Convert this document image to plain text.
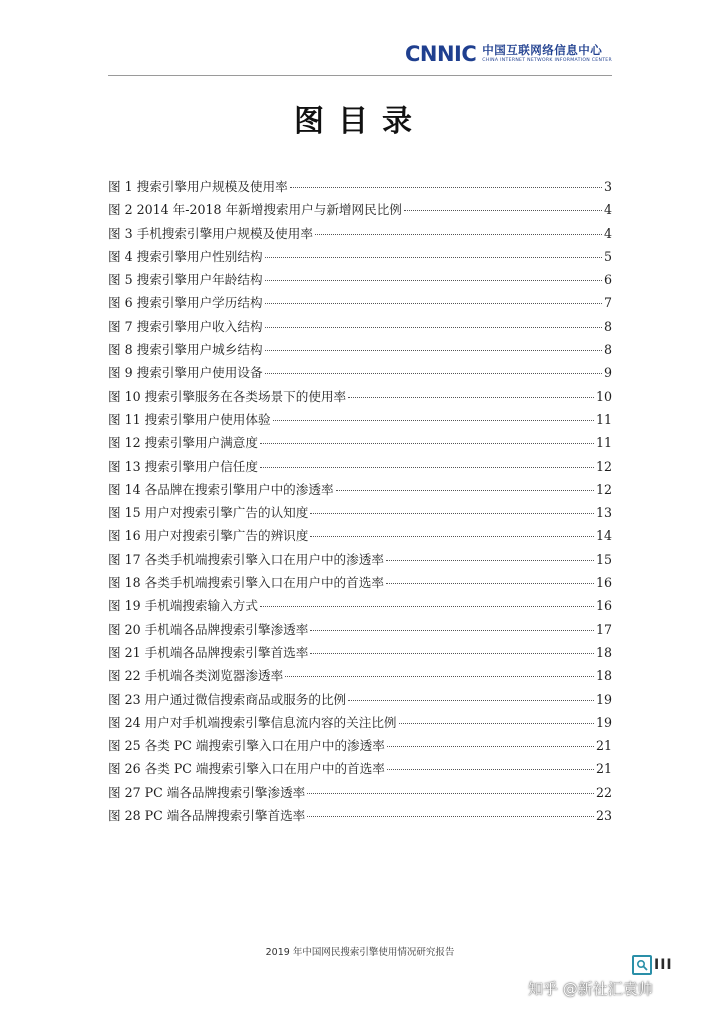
CNNIC 中国互联网络信息中心
CHINA INTERNET NETWORK INFORMATION CENTER
图目录
图 1 搜索引擎用户规模及使用率	3
图 2 2014 年-2018 年新增搜索用户与新增网民比例	4
图 3 手机搜索引擎用户规模及使用率	4
图 4 搜索引擎用户性别结构	5
图 5 搜索引擎用户年龄结构	6
图 6 搜索引擎用户学历结构	7
图 7 搜索引擎用户收入结构	8
图 8 搜索引擎用户城乡结构	8
图 9 搜索引擎用户使用设备	9
图 10 搜索引擎服务在各类场景下的使用率	10
图 11 搜索引擎用户使用体验	11
图 12 搜索引擎用户满意度	11
图 13 搜索引擎用户信任度	12
图 14 各品牌在搜索引擎用户中的渗透率	12
图 15 用户对搜索引擎广告的认知度	13
图 16 用户对搜索引擎广告的辨识度	14
图 17 各类手机端搜索引擎入口在用户中的渗透率	15
图 18 各类手机端搜索引擎入口在用户中的首选率	16
图 19 手机端搜索输入方式	16
图 20 手机端各品牌搜索引擎渗透率	17
图 21 手机端各品牌搜索引擎首选率	18
图 22 手机端各类浏览器渗透率	18
图 23 用户通过微信搜索商品或服务的比例	19
图 24 用户对手机端搜索引擎信息流内容的关注比例	19
图 25 各类 PC 端搜索引擎入口在用户中的渗透率	21
图 26 各类 PC 端搜索引擎入口在用户中的首选率	21
图 27 PC 端各品牌搜索引擎渗透率	22
图 28 PC 端各品牌搜索引擎首选率	23
2019 年中国网民搜索引擎使用情况研究报告
III
知乎 @新社汇袁帅
